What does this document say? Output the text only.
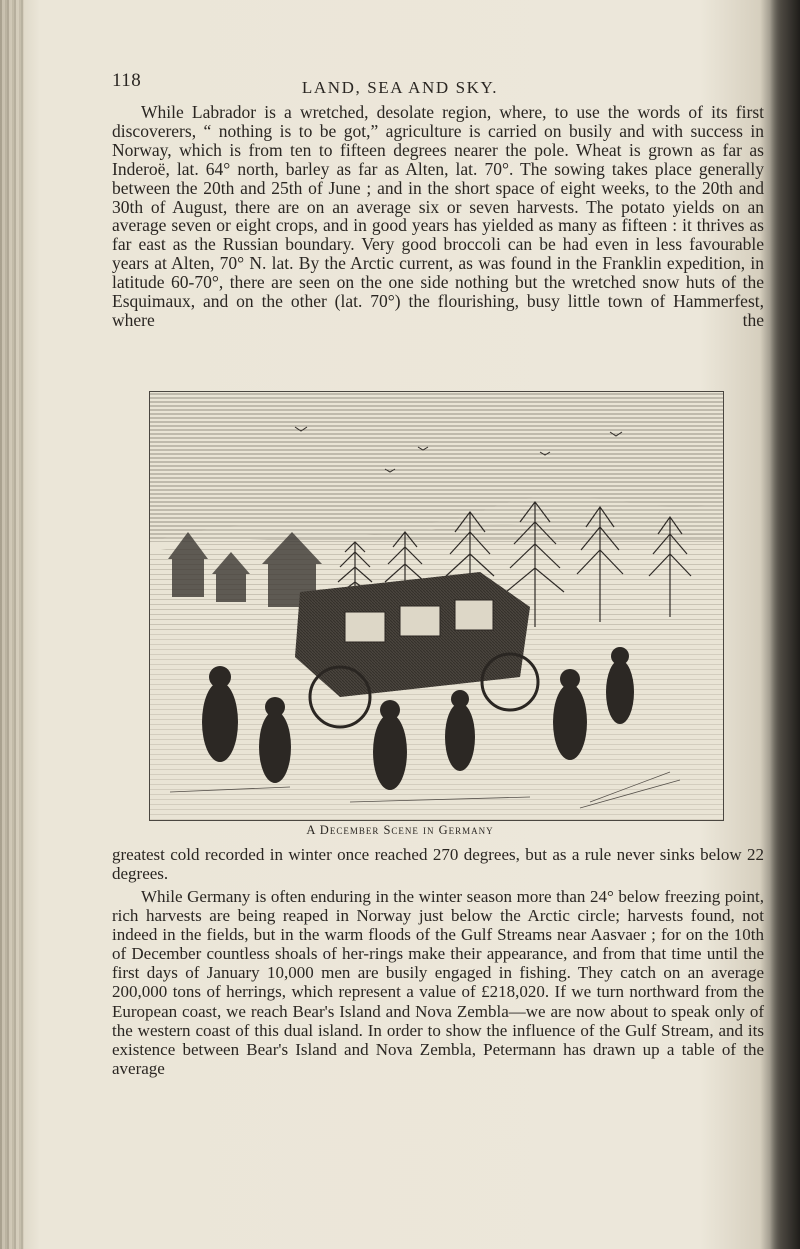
118	LAND, SEA AND SKY.

While Labrador is a wretched, desolate region, where, to use the words of its first discoverers, “ nothing is to be got,” agriculture is carried on busily and with success in Norway, which is from ten to fifteen degrees nearer the pole. Wheat is grown as far as Inderoë, lat. 64° north, barley as far as Alten, lat. 70°. The sowing takes place generally between the 20th and 25th of June ; and in the short space of eight weeks, to the 20th and 30th of August, there are on an average six or seven harvests. The potato yields on an average seven or eight crops, and in good years has yielded as many as fifteen : it thrives as far east as the Russian boundary. Very good broccoli can be had even in less favourable years at Alten, 70° N. lat. By the Arctic current, as was found in the Franklin expedition, in latitude 60-70°, there are seen on the one side nothing but the wretched snow huts of the Esquimaux, and on the other (lat. 70°) the flourishing, busy little town of Hammerfest, where the

A December Scene in Germany

greatest cold recorded in winter once reached 270 degrees, but as a rule never sinks below 22 degrees.

While Germany is often enduring in the winter season more than 24° below freezing point, rich harvests are being reaped in Norway just below the Arctic circle; harvests found, not indeed in the fields, but in the warm floods of the Gulf Streams near Aasvaer ; for on the 10th of December countless shoals of her-rings make their appearance, and from that time until the first days of January 10,000 men are busily engaged in fishing. They catch on an average 200,000 tons of herrings, which represent a value of £218,020. If we turn northward from the European coast, we reach Bear's Island and Nova Zembla—we are now about to speak only of the western coast of this dual island. In order to show the influence of the Gulf Stream, and its existence between Bear's Island and Nova Zembla, Petermann has drawn up a table of the average
